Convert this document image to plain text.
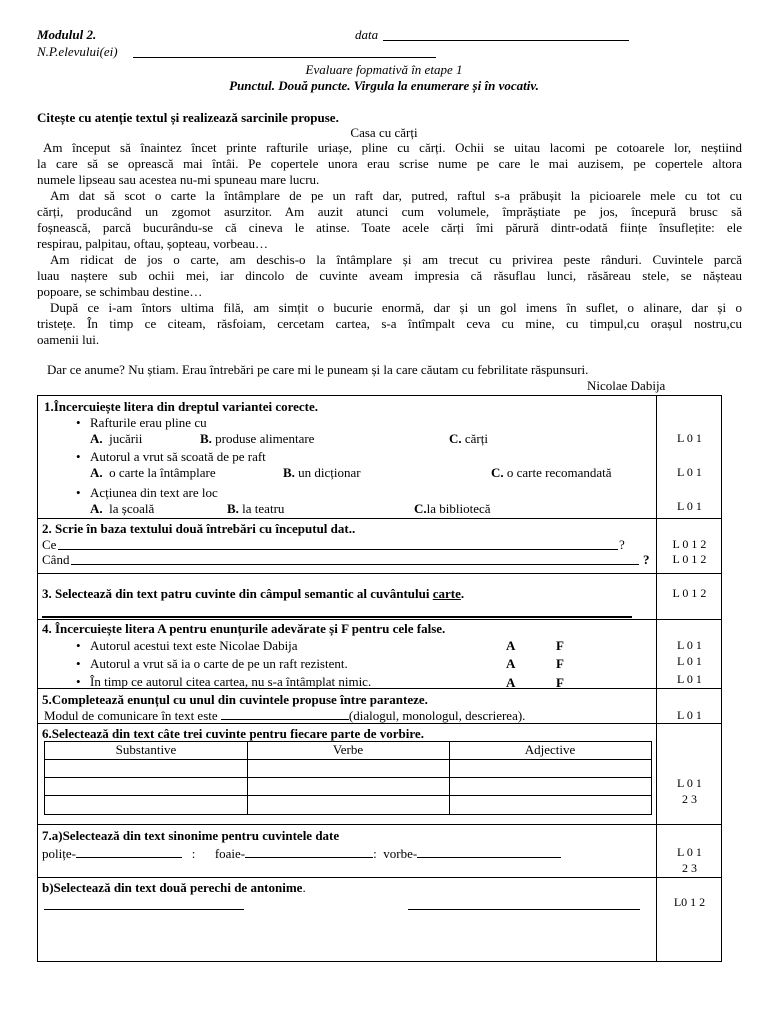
Modulul 2.	data
N.P.elevului(ei)
Evaluare fopmativă în etape 1
Punctul. Două puncte. Virgula la enumerare și în vocativ.
Citește cu atenție textul și realizează sarcinile propuse.
Casa cu cărți
Am început să înaintez încet printe rafturile uriașe, pline cu cărți. Ochii se uitau lacomi pe cotoarele lor, neștiind
la care să se oprească mai întâi. Pe copertele unora erau scrise nume pe care le mai auzisem, pe copertele altora
numele lipseau sau acestea nu-mi spuneau mare lucru.
Am dat să scot o carte la întâmplare de pe un raft dar, putred, raftul s-a prăbușit la picioarele mele cu tot cu
cărți, producând un zgomot asurzitor. Am auzit atunci cum volumele, împrăștiate pe jos, începură brusc să
foșnească, parcă bucurându-se că cineva le atinse. Toate acele cărți îmi părură dintr-odată ființe însuflețite: ele
respirau, palpitau, oftau, șopteau, vorbeau…
Am ridicat de jos o carte, am deschis-o la întâmplare și am trecut cu privirea peste rânduri. Cuvintele parcă
luau naștere sub ochii mei, iar dincolo de cuvinte aveam impresia că răsuflau lunci, răsăreau stele, se nășteau
popoare, se schimbau destine…
După ce i-am întors ultima filă, am simțit o bucurie enormă, dar și un gol imens în suflet, o alinare, dar și o
tristețe. În timp ce citeam, răsfoiam, cercetam cartea, s-a întîmpalt ceva cu mine, cu timpul,cu orașul nostru,cu
oamenii lui.
Dar ce anume? Nu știam. Erau întrebări pe care mi le puneam și la care căutam cu febrilitate răspunsuri.
Nicolae Dabija
1.Încercuiește litera din dreptul variantei corecte.
• Rafturile erau pline cu
A. jucării	B. produse alimentare	C. cărți	L 0 1
• Autorul a vrut să scoată de pe raft
A. o carte la întâmplare	B. un dicționar	C. o carte recomandată	L 0 1
• Acțiunea din text are loc
A. la școală	B. la teatru	C.la bibliotecă	L 0 1
2. Scrie în baza textului două întrebări cu începutul dat..
Ce	?	L 0 1 2
Când	?	L 0 1 2
3. Selectează din text patru cuvinte din câmpul semantic al cuvântului carte.	L 0 1 2
4. Încercuiește litera A pentru enunțurile adevărate și F pentru cele false.
• Autorul acestui text este Nicolae Dabija	A	F	L 0 1
• Autorul a vrut să ia o carte de pe un raft rezistent.	A	F	L 0 1
• În timp ce autorul citea cartea, nu s-a întâmplat nimic.	A	F	L 0 1
5.Completează enunțul cu unul din cuvintele propuse între paranteze.
Modul de comunicare în text este	(dialogul, monologul, descrierea).	L 0 1
6.Selectează din text câte trei cuvinte pentru fiecare parte de vorbire.
Substantive	Verbe	Adjective
L 0 1
2 3
7.a)Selectează din text sinonime pentru cuvintele date
polițe-	:      foaie-	:  vorbe-	L 0 1
2 3
b)Selectează din text două perechi de antonime.
L0 1 2
